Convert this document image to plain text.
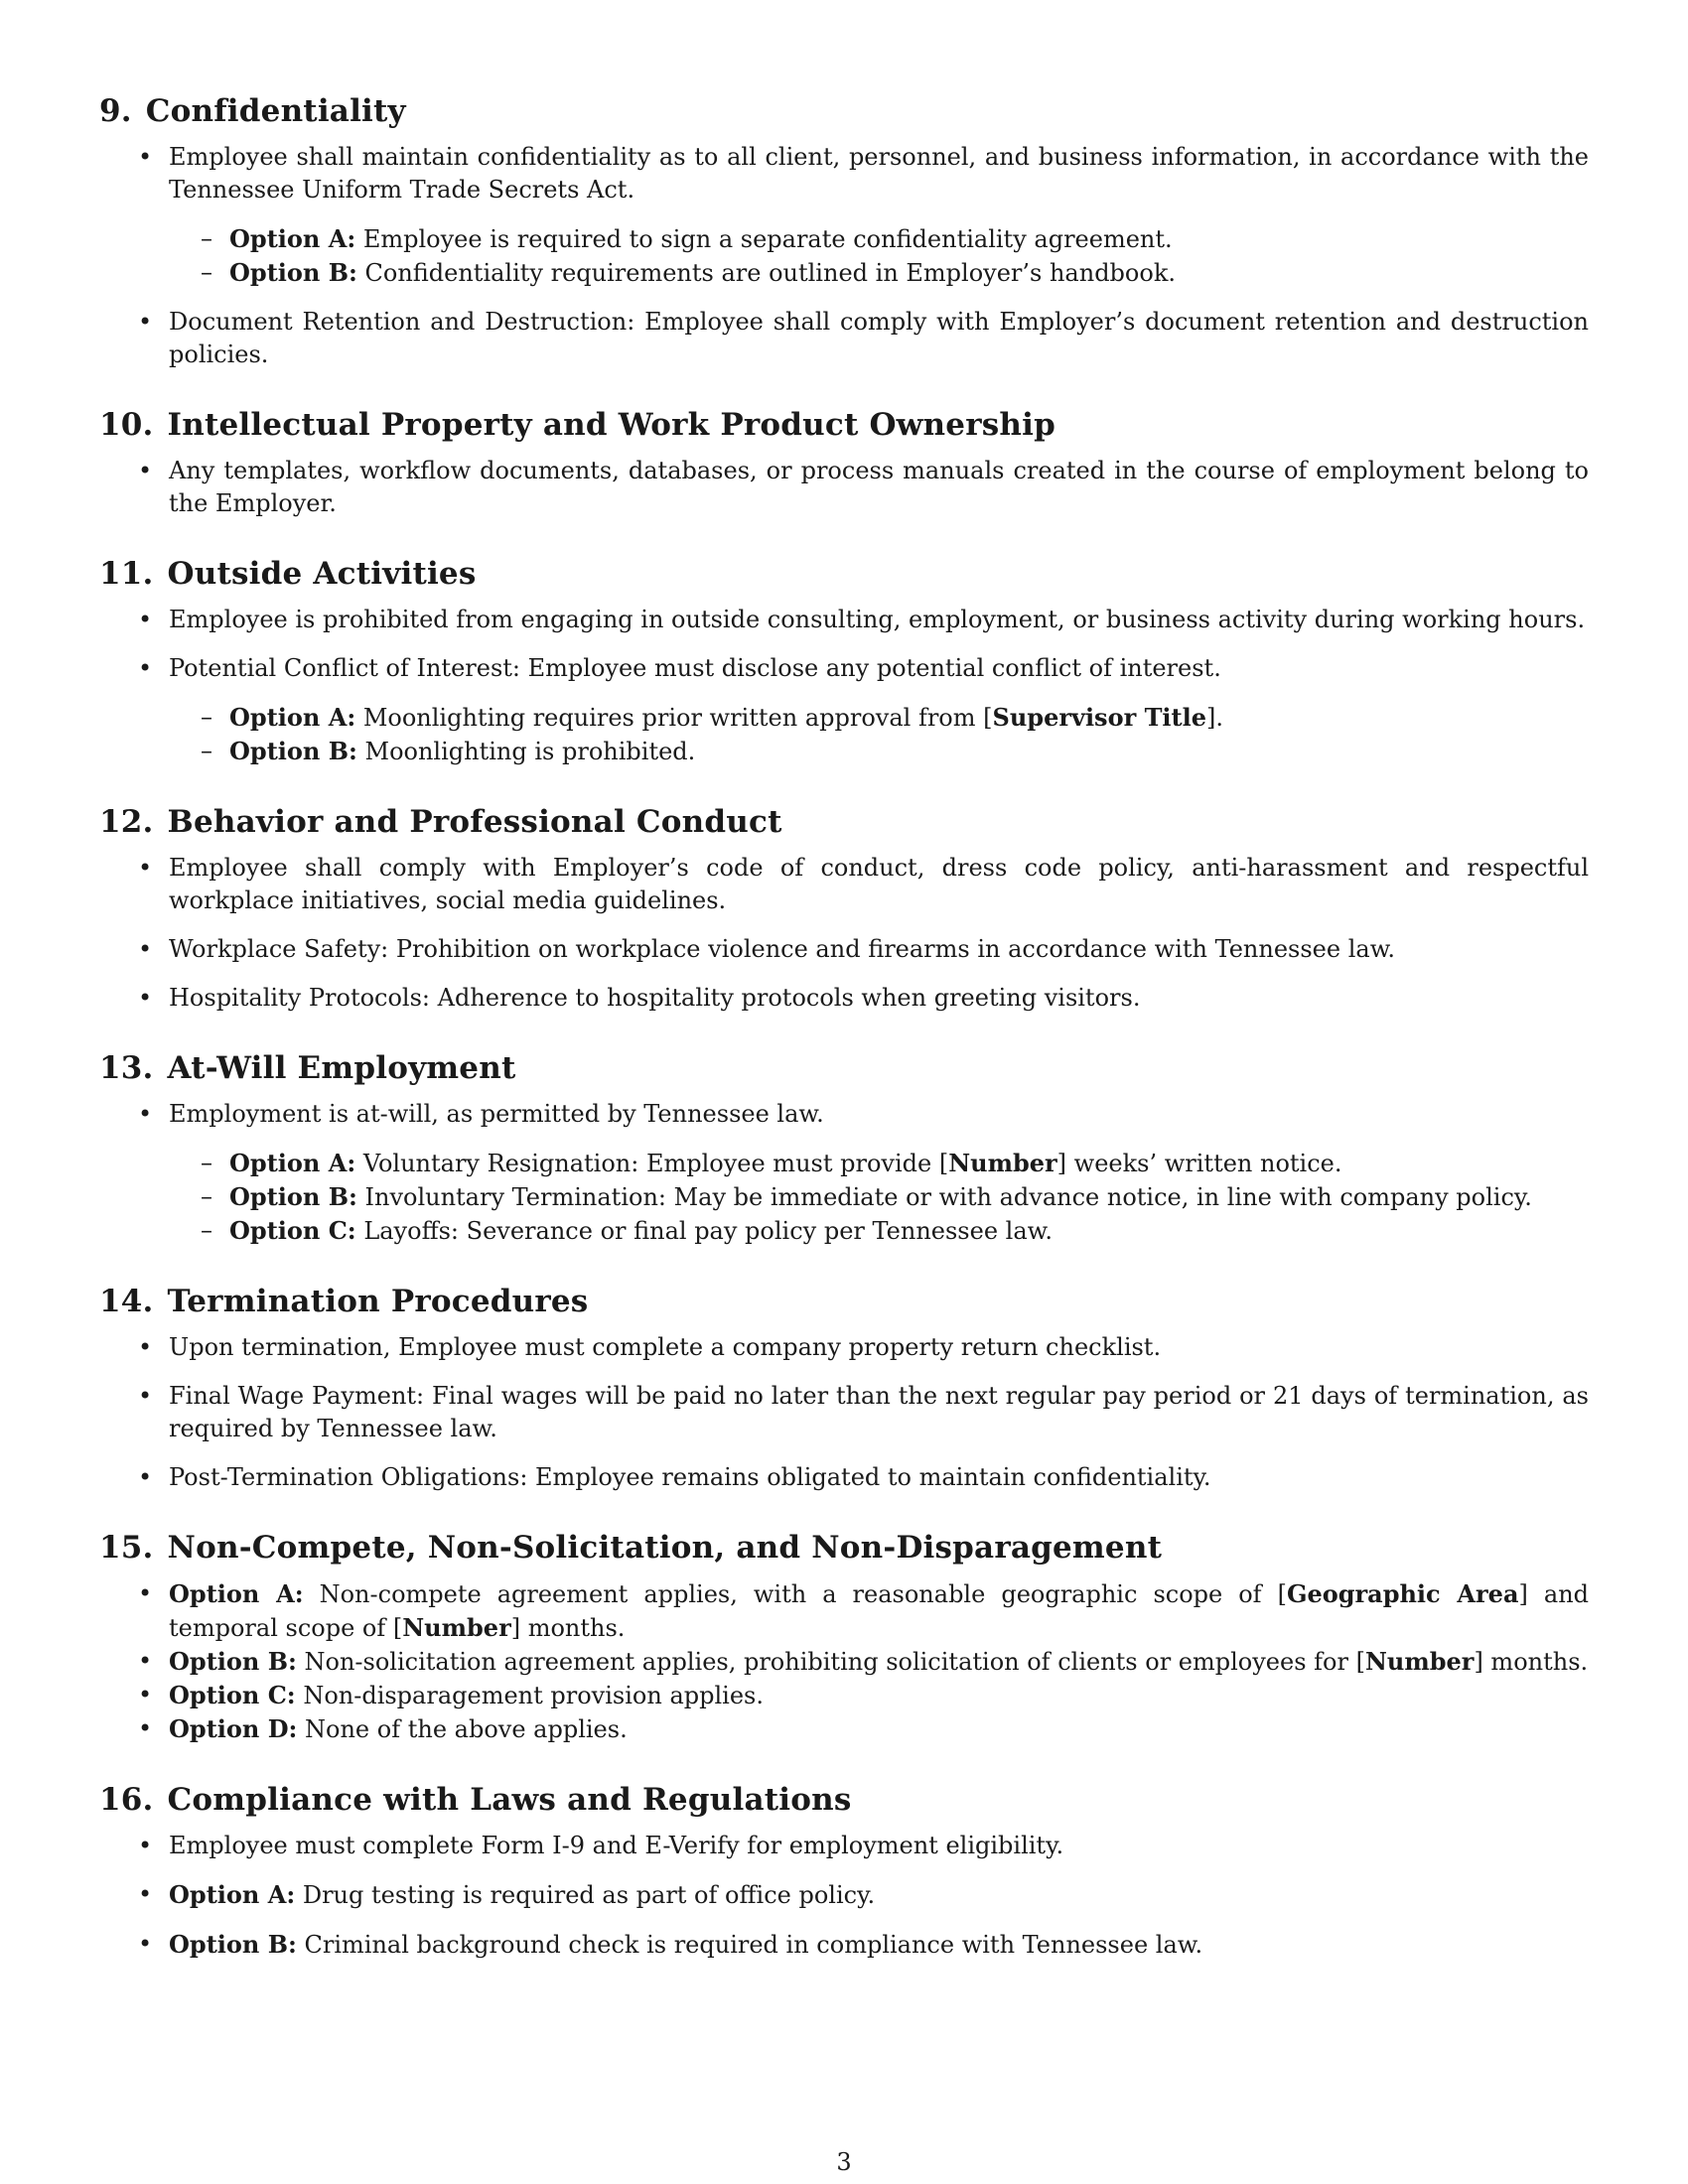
9. Confidentiality
• Employee shall maintain confidentiality as to all client, personnel, and business information, in accordance with the Tennessee Uniform Trade Secrets Act.
– Option A: Employee is required to sign a separate confidentiality agreement.
– Option B: Confidentiality requirements are outlined in Employer’s handbook.
• Document Retention and Destruction: Employee shall comply with Employer’s document retention and destruction policies.
10. Intellectual Property and Work Product Ownership
• Any templates, workflow documents, databases, or process manuals created in the course of employment belong to the Employer.
11. Outside Activities
• Employee is prohibited from engaging in outside consulting, employment, or business activity during working hours.
• Potential Conflict of Interest: Employee must disclose any potential conflict of interest.
– Option A: Moonlighting requires prior written approval from [Supervisor Title].
– Option B: Moonlighting is prohibited.
12. Behavior and Professional Conduct
• Employee shall comply with Employer’s code of conduct, dress code policy, anti-harassment and respectful workplace initiatives, social media guidelines.
• Workplace Safety: Prohibition on workplace violence and firearms in accordance with Tennessee law.
• Hospitality Protocols: Adherence to hospitality protocols when greeting visitors.
13. At-Will Employment
• Employment is at-will, as permitted by Tennessee law.
– Option A: Voluntary Resignation: Employee must provide [Number] weeks’ written notice.
– Option B: Involuntary Termination: May be immediate or with advance notice, in line with company policy.
– Option C: Layoffs: Severance or final pay policy per Tennessee law.
14. Termination Procedures
• Upon termination, Employee must complete a company property return checklist.
• Final Wage Payment: Final wages will be paid no later than the next regular pay period or 21 days of termination, as required by Tennessee law.
• Post-Termination Obligations: Employee remains obligated to maintain confidentiality.
15. Non-Compete, Non-Solicitation, and Non-Disparagement
• Option A: Non-compete agreement applies, with a reasonable geographic scope of [Geographic Area] and temporal scope of [Number] months.
• Option B: Non-solicitation agreement applies, prohibiting solicitation of clients or employees for [Number] months.
• Option C: Non-disparagement provision applies.
• Option D: None of the above applies.
16. Compliance with Laws and Regulations
• Employee must complete Form I-9 and E-Verify for employment eligibility.
• Option A: Drug testing is required as part of office policy.
• Option B: Criminal background check is required in compliance with Tennessee law.
3
